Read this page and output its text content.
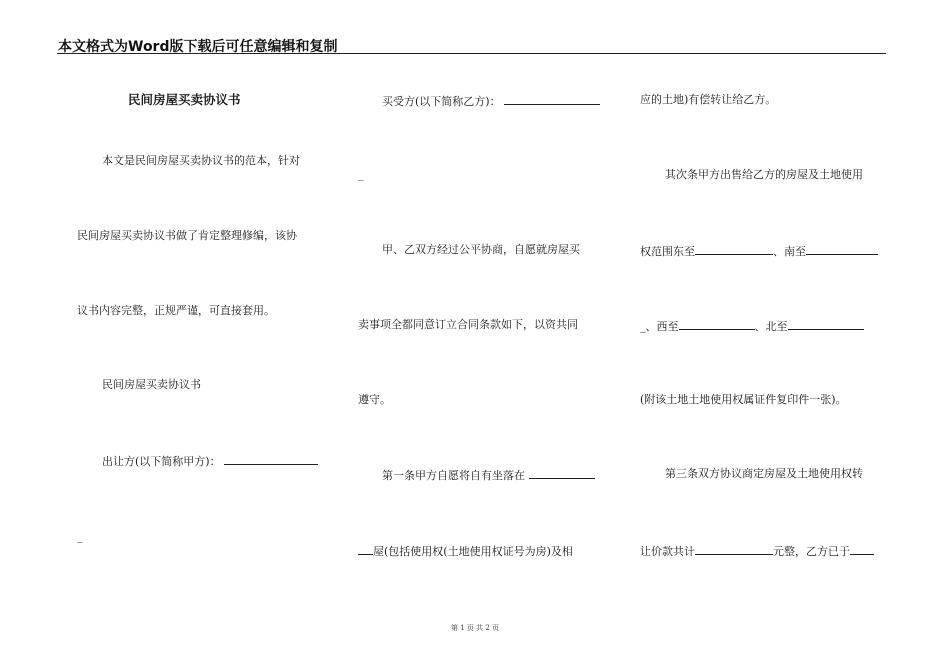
本文格式为Word版下载后可任意编辑和复制
民间房屋买卖协议书
本文是民间房屋买卖协议书的范本，针对
民间房屋买卖协议书做了肯定整理修编，该协
议书内容完整，正规严谨，可直接套用。
民间房屋买卖协议书
出让方(以下简称甲方)：
_
买受方(以下简称乙方)：
_
甲、乙双方经过公平协商，自愿就房屋买
卖事项全都同意订立合同条款如下，以资共同
遵守。
第一条甲方自愿将自有坐落在
屋(包括使用权(土地使用权证号为房)及相
应的土地)有偿转让给乙方。
其次条甲方出售给乙方的房屋及土地使用
权范围东至	、南至
_、西至	、北至
(附该土地土地使用权属证件复印件一张)。
第三条双方协议商定房屋及土地使用权转
让价款共计	元整，乙方已于
第 1 页 共 2 页
